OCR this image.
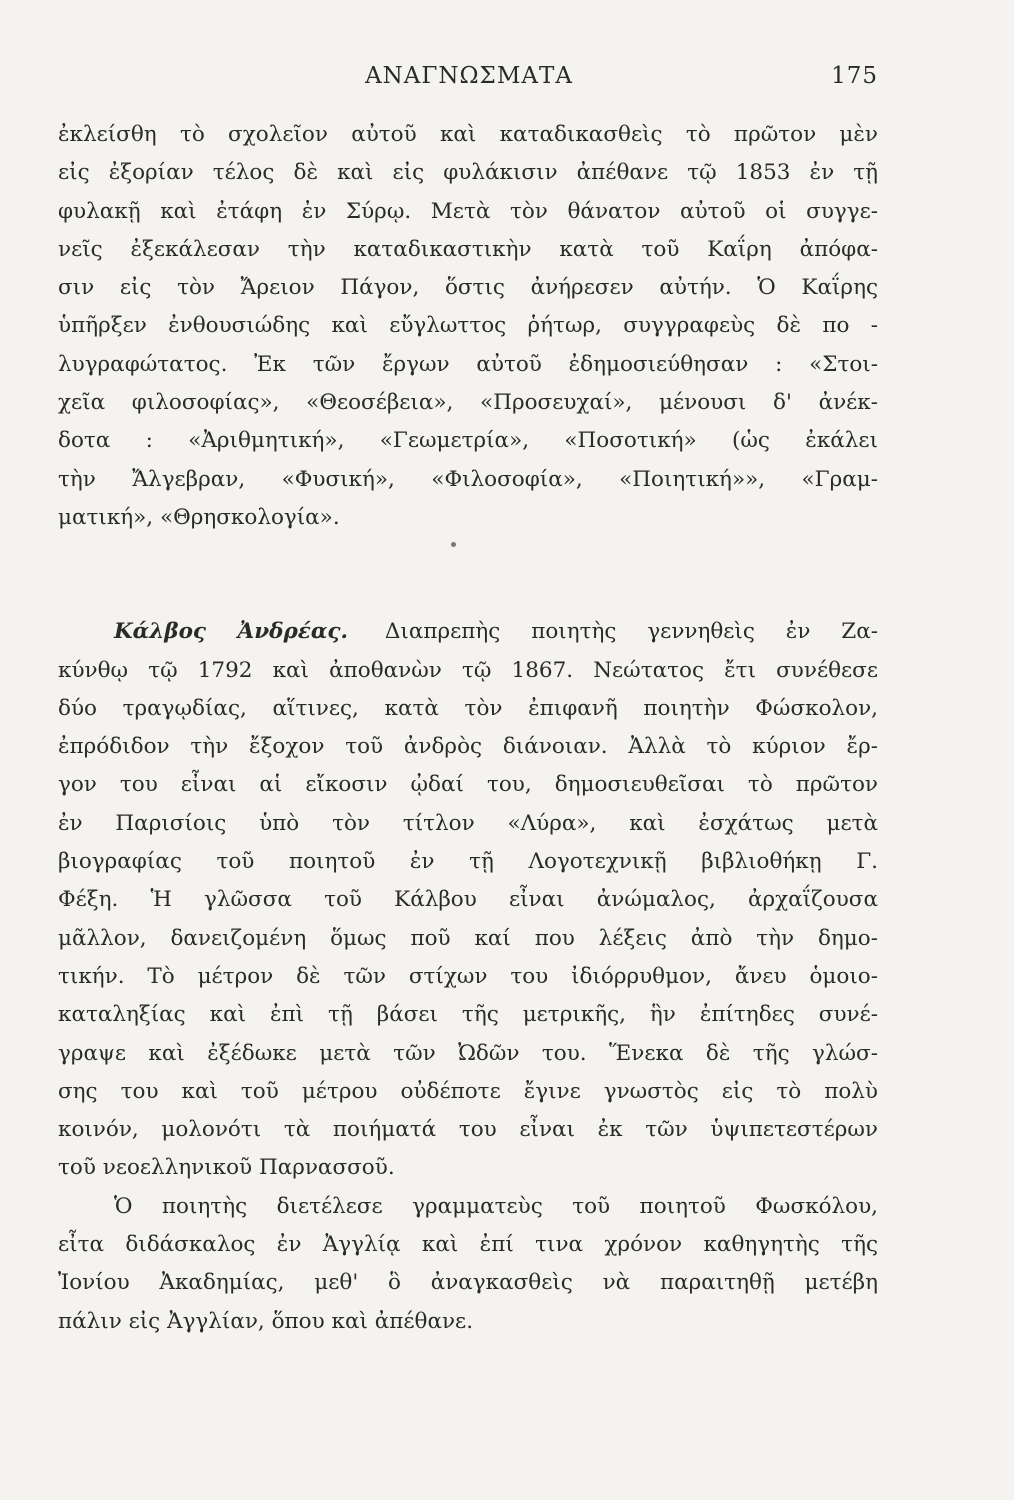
ΑΝΑΓΝΩΣΜΑΤΑ	175
ἐκλείσθη τὸ σχολεῖον αὐτοῦ καὶ καταδικασθεὶς τὸ πρῶτον μὲν
εἰς ἐξορίαν τέλος δὲ καὶ εἰς φυλάκισιν ἀπέθανε τῷ 1853 ἐν τῇ
φυλακῇ καὶ ἐτάφη ἐν Σύρῳ. Μετὰ τὸν θάνατον αὐτοῦ οἱ συγγε-
νεῖς ἐξεκάλεσαν τὴν καταδικαστικὴν κατὰ τοῦ Καΐρη ἀπόφα-
σιν εἰς τὸν Ἄρειον Πάγον, ὅστις ἀνήρεσεν αὐτήν. Ὁ Καΐρης
ὑπῆρξεν ἐνθουσιώδης καὶ εὔγλωττος ῥήτωρ, συγγραφεὺς δὲ πο -
λυγραφώτατος. Ἐκ τῶν ἔργων αὐτοῦ ἐδημοσιεύθησαν : «Στοι-
χεῖα φιλοσοφίας», «Θεοσέβεια», «Προσευχαί», μένουσι δ' ἀνέκ-
δοτα : «Ἀριθμητική», «Γεωμετρία», «Ποσοτική» (ὡς ἐκάλει
τὴν Ἄλγεβραν, «Φυσική», «Φιλοσοφία», «Ποιητική»», «Γραμ-
ματική», «Θρησκολογία».
Κάλβος Ἀνδρέας. Διαπρεπὴς ποιητὴς γεννηθεὶς ἐν Ζα-
κύνθῳ τῷ 1792 καὶ ἀποθανὼν τῷ 1867. Νεώτατος ἔτι συνέθεσε
δύο τραγῳδίας, αἵτινες, κατὰ τὸν ἐπιφανῆ ποιητὴν Φώσκολον,
ἐπρόδιδον τὴν ἔξοχον τοῦ ἀνδρὸς διάνοιαν. Ἀλλὰ τὸ κύριον ἔρ-
γον του εἶναι αἱ εἴκοσιν ᾠδαί του, δημοσιευθεῖσαι τὸ πρῶτον
ἐν Παρισίοις ὑπὸ τὸν τίτλον «Λύρα», καὶ ἐσχάτως μετὰ
βιογραφίας τοῦ ποιητοῦ ἐν τῇ Λογοτεχνικῇ βιβλιοθήκῃ Γ.
Φέξη. Ἡ γλῶσσα τοῦ Κάλβου εἶναι ἀνώμαλος, ἀρχαΐζουσα
μᾶλλον, δανειζομένη ὅμως ποῦ καί που λέξεις ἀπὸ τὴν δημο-
τικήν. Τὸ μέτρον δὲ τῶν στίχων του ἰδιόρρυθμον, ἄνευ ὁμοιο-
καταληξίας καὶ ἐπὶ τῇ βάσει τῆς μετρικῆς, ἣν ἐπίτηδες συνέ-
γραψε καὶ ἐξέδωκε μετὰ τῶν Ὠδῶν του. Ἕνεκα δὲ τῆς γλώσ-
σης του καὶ τοῦ μέτρου οὐδέποτε ἔγινε γνωστὸς εἰς τὸ πολὺ
κοινόν, μολονότι τὰ ποιήματά του εἶναι ἐκ τῶν ὑψιπετεστέρων
τοῦ νεοελληνικοῦ Παρνασσοῦ.
Ὁ ποιητὴς διετέλεσε γραμματεὺς τοῦ ποιητοῦ Φωσκόλου,
εἶτα διδάσκαλος ἐν Ἀγγλίᾳ καὶ ἐπί τινα χρόνον καθηγητὴς τῆς
Ἰονίου Ἀκαδημίας, μεθ' ὃ ἀναγκασθεὶς νὰ παραιτηθῇ μετέβη
πάλιν εἰς Ἀγγλίαν, ὅπου καὶ ἀπέθανε.
